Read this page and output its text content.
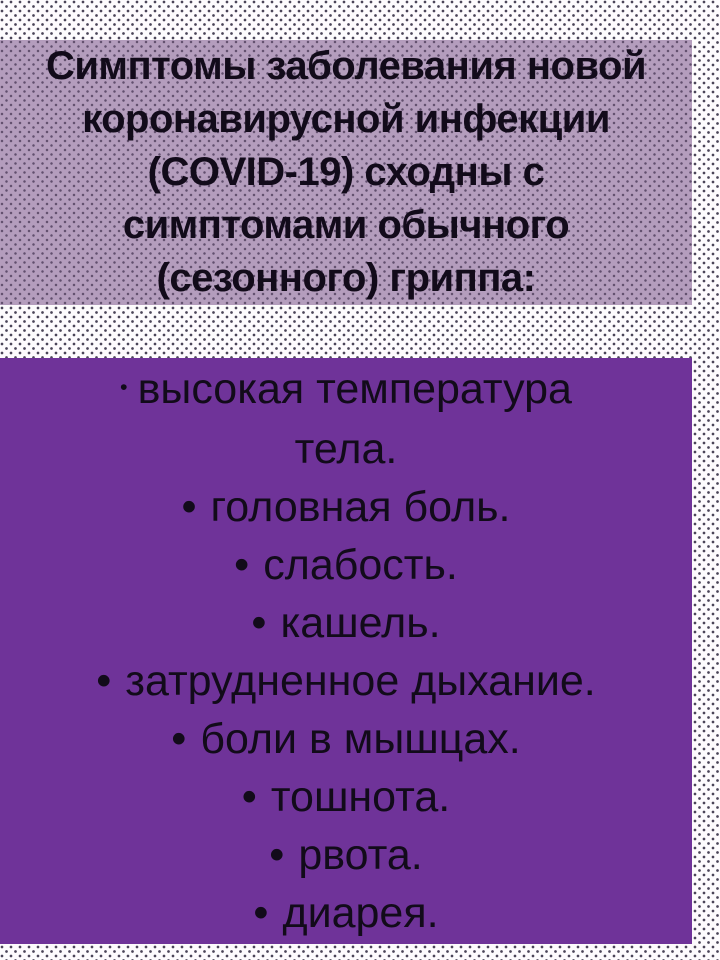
Симптомы заболевания новой
коронавирусной инфекции
(COVID-19) сходны с
симптомами обычного
(сезонного) гриппа:
• высокая температура
тела.
• головная боль.
• слабость.
• кашель.
• затрудненное дыхание.
• боли в мышцах.
• тошнота.
• рвота.
• диарея.
